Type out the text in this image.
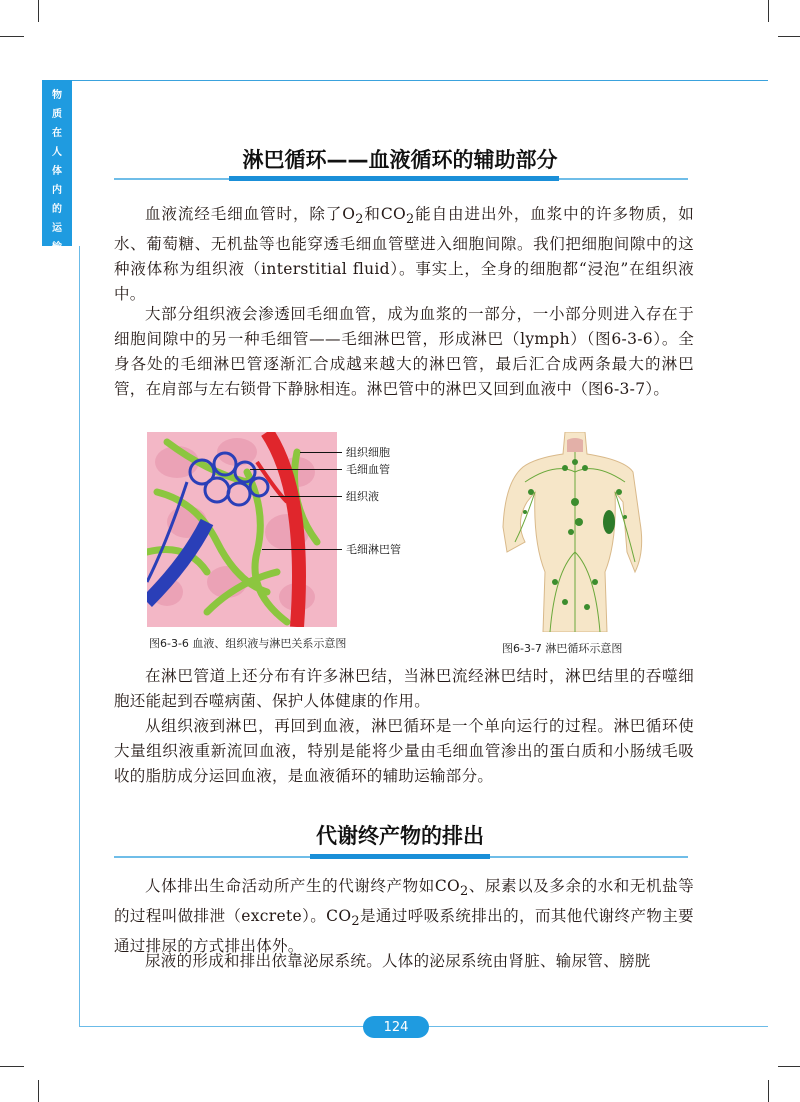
物
质
在
人
体
内
的
运
输
淋巴循环——血液循环的辅助部分
血液流经毛细血管时，除了$O_2$和$CO_2$能自由进出外，血浆中的许多物质，如水、葡萄糖、无机盐等也能穿透毛细血管壁进入细胞间隙。我们把细胞间隙中的这种液体称为组织液（interstitial fluid）。事实上，全身的细胞都“浸泡”在组织液中。
大部分组织液会渗透回毛细血管，成为血浆的一部分，一小部分则进入存在于细胞间隙中的另一种毛细管——毛细淋巴管，形成淋巴（lymph）（图6-3-6）。全身各处的毛细淋巴管逐渐汇合成越来越大的淋巴管，最后汇合成两条最大的淋巴管，在肩部与左右锁骨下静脉相连。淋巴管中的淋巴又回到血液中（图6-3-7）。
组织细胞
毛细血管
组织液
毛细淋巴管
图6-3-6 血液、组织液与淋巴关系示意图	图6-3-7 淋巴循环示意图
在淋巴管道上还分布有许多淋巴结，当淋巴流经淋巴结时，淋巴结里的吞噬细胞还能起到吞噬病菌、保护人体健康的作用。
从组织液到淋巴，再回到血液，淋巴循环是一个单向运行的过程。淋巴循环使大量组织液重新流回血液，特别是能将少量由毛细血管渗出的蛋白质和小肠绒毛吸收的脂肪成分运回血液，是血液循环的辅助运输部分。
代谢终产物的排出
人体排出生命活动所产生的代谢终产物如$CO_2$、尿素以及多余的水和无机盐等的过程叫做排泄（excrete）。$CO_2$是通过呼吸系统排出的，而其他代谢终产物主要通过排尿的方式排出体外。
尿液的形成和排出依靠泌尿系统。人体的泌尿系统由肾脏、输尿管、膀胱
124
